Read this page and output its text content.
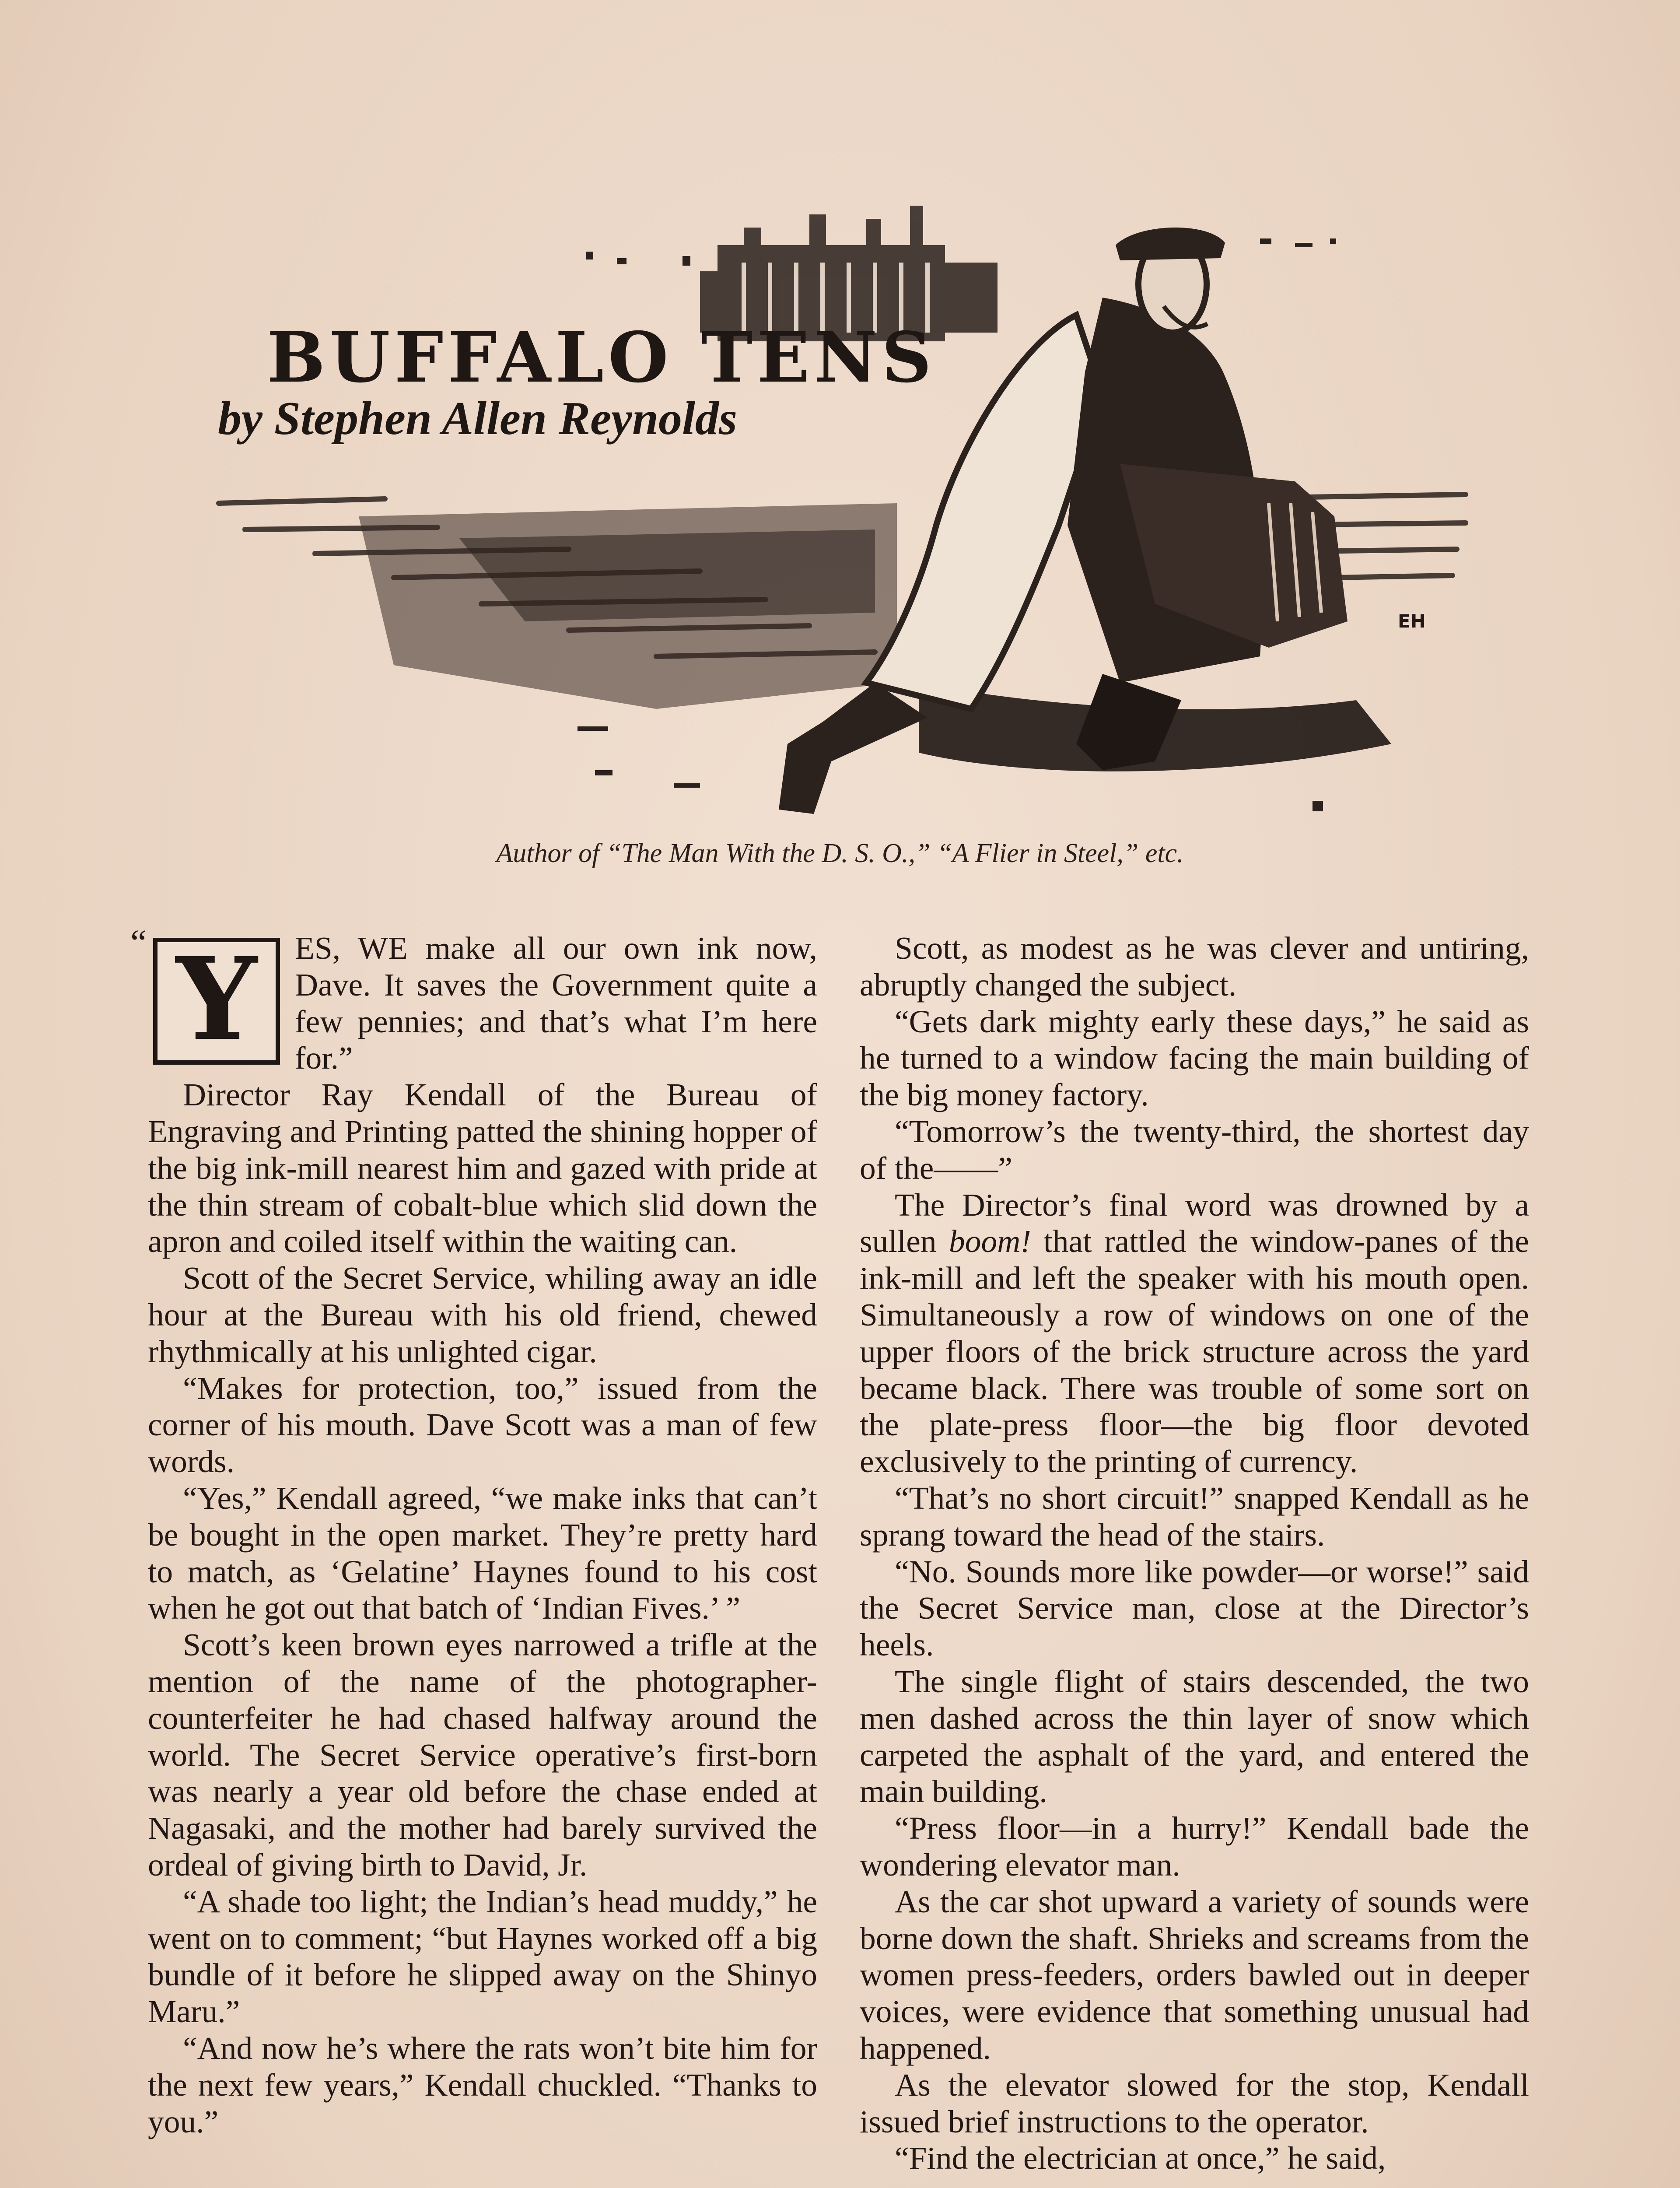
BUFFALO TENS
by Stephen Allen Reynolds
EH
Author of “The Man With the D. S. O.,” “A Flier in Steel,” etc.
“ Y	ES, WE make all our own ink now, Dave. It saves the Government quite a few pennies; and that’s what I’m here for.”

Director Ray Kendall of the Bureau of Engraving and Printing patted the shining hopper of the big ink-mill nearest him and gazed with pride at the thin stream of cobalt-blue which slid down the apron and coiled itself within the waiting can.

Scott of the Secret Service, whiling away an idle hour at the Bureau with his old friend, chewed rhythmically at his unlighted cigar.

“Makes for protection, too,” issued from the corner of his mouth. Dave Scott was a man of few words.

“Yes,” Kendall agreed, “we make inks that can’t be bought in the open market. They’re pretty hard to match, as ‘Gelatine’ Haynes found to his cost when he got out that batch of ‘Indian Fives.’ ”

Scott’s keen brown eyes narrowed a trifle at the mention of the name of the photographer-counterfeiter he had chased halfway around the world. The Secret Service operative’s first-born was nearly a year old before the chase ended at Nagasaki, and the mother had barely survived the ordeal of giving birth to David, Jr.

“A shade too light; the Indian’s head muddy,” he went on to comment; “but Haynes worked off a big bundle of it before he slipped away on the Shinyo Maru.”

“And now he’s where the rats won’t bite him for the next few years,” Kendall chuckled. “Thanks to you.”

Scott, as modest as he was clever and untiring, abruptly changed the subject.

“Gets dark mighty early these days,” he said as he turned to a window facing the main building of the big money factory.

“Tomorrow’s the twenty-third, the shortest day of the——”

The Director’s final word was drowned by a sullen boom! that rattled the window-panes of the ink-mill and left the speaker with his mouth open. Simultaneously a row of windows on one of the upper floors of the brick structure across the yard became black. There was trouble of some sort on the plate-press floor—the big floor devoted exclusively to the printing of currency.

“That’s no short circuit!” snapped Kendall as he sprang toward the head of the stairs.

“No. Sounds more like powder—or worse!” said the Secret Service man, close at the Director’s heels.

The single flight of stairs descended, the two men dashed across the thin layer of snow which carpeted the asphalt of the yard, and entered the main building.

“Press floor—in a hurry!” Kendall bade the wondering elevator man.

As the car shot upward a variety of sounds were borne down the shaft. Shrieks and screams from the women press-feeders, orders bawled out in deeper voices, were evidence that something unusual had happened.

As the elevator slowed for the stop, Kendall issued brief instructions to the operator.

“Find the electrician at once,” he said,
